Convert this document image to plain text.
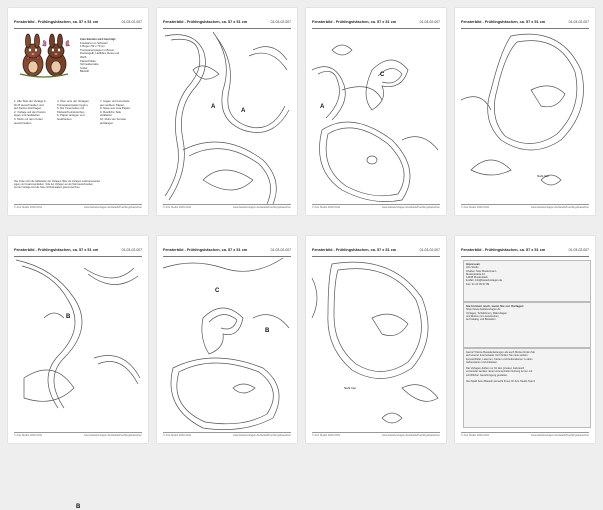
Fensterbild - Frühlingshäschen, ca. 57 x 51 cm	01-03-02-007
Zum Basteln wird benötigt:
Fotokarton in Schwarz
1 Bogen 50 x 70 cm
Transparentpapier in Braun,
Dunkelgelb, Hellblau, Rosa und
Weiß
Klarsichtfolie
Schneidematte
Cutter
Bleistift
1. Alle Teile der Vorlage A
bis B ausschneiden und
auf Karton übertragen.
2. Vorlage auf den Karton
legen und festkleben.
3. Motiv mit dem Cutter
ausschneiden.
4. Über eine der Vorlagen
Transparentpapier legen.
5. Die Innenseiten mit
Klebestift einstreichen.
6. Papier anlegen und
festdrücken.
7. Augen und Innenteile
aus weißem Papier.
8. Nase aus rosa Papier.
9. Restliche Teile
aufkleben.
10. Motiv am Fenster
aufhängen.
Hier finden sich die Nahtstellen der Vorlagen. Bitte die Vorlagen exakt aneinander
legen und zusammenkleben. Teile der Vorlagen an der Naht ausschneiden.
Auf der Vorlage sind die Teile mit Buchstaben gekennzeichnet.
© Arts Studio 2000-2011	www.bastelvorlagen.de/details/fruehlingshaeschen
Fensterbild - Frühlingshäschen, ca. 57 x 51 cm	01-03-02-007
A
A
© Arts Studio 2000-2011	www.bastelvorlagen.de/details/fruehlingshaeschen
Fensterbild - Frühlingshäschen, ca. 57 x 51 cm	01-03-02-007
A
C
© Arts Studio 2000-2011	www.bastelvorlagen.de/details/fruehlingshaeschen
Fensterbild - Frühlingshäschen, ca. 57 x 51 cm	01-03-02-007
Naht hier
© Arts Studio 2000-2011	www.bastelvorlagen.de/details/fruehlingshaeschen
Fensterbild - Frühlingshäschen, ca. 57 x 51 cm	01-03-02-007
B
B
© Arts Studio 2000-2011	www.bastelvorlagen.de/details/fruehlingshaeschen
Fensterbild - Frühlingshäschen, ca. 57 x 51 cm	01-03-02-007
C
B
© Arts Studio 2000-2011	www.bastelvorlagen.de/details/fruehlingshaeschen
Fensterbild - Frühlingshäschen, ca. 57 x 51 cm	01-03-02-007
Naht hier
© Arts Studio 2000-2011	www.bastelvorlagen.de/details/fruehlingshaeschen
Fensterbild - Frühlingshäschen, ca. 57 x 51 cm	01-03-02-007
Impressum
Arts Studio
Inhaber: Max Mustermann
Musterstraße 12
12345 Musterstadt
E-Mail: info@bastelvorlagen.de
Fax: 01 23 45 67 89
Sie können noch, wenn Sie zur Vorlagen
https://www.bastelvorlagen.de
Vorlagen, Schablonen, Malvorlagen
und Motive zum Ausdrucken
auf Katalog und Bestellen
Gerne? Kleine Bastelanleitungen als auch Motive finden Sie
auf unserer Internetseite. Dort finden Sie viele weitere
Fensterbilder, Laternen, Karten und Dekorationen zu allen
Jahreszeiten und Anlässen.
Die Vorlagen dürfen nur für den privaten Gebrauch
verwendet werden. Eine kommerzielle Nutzung ist nur mit
schriftlicher Genehmigung gestattet.
Viel Spaß beim Basteln wünscht Ihnen Ihr Arts Studio Team!
© Arts Studio 2000-2011	www.bastelvorlagen.de/details/fruehlingshaeschen
